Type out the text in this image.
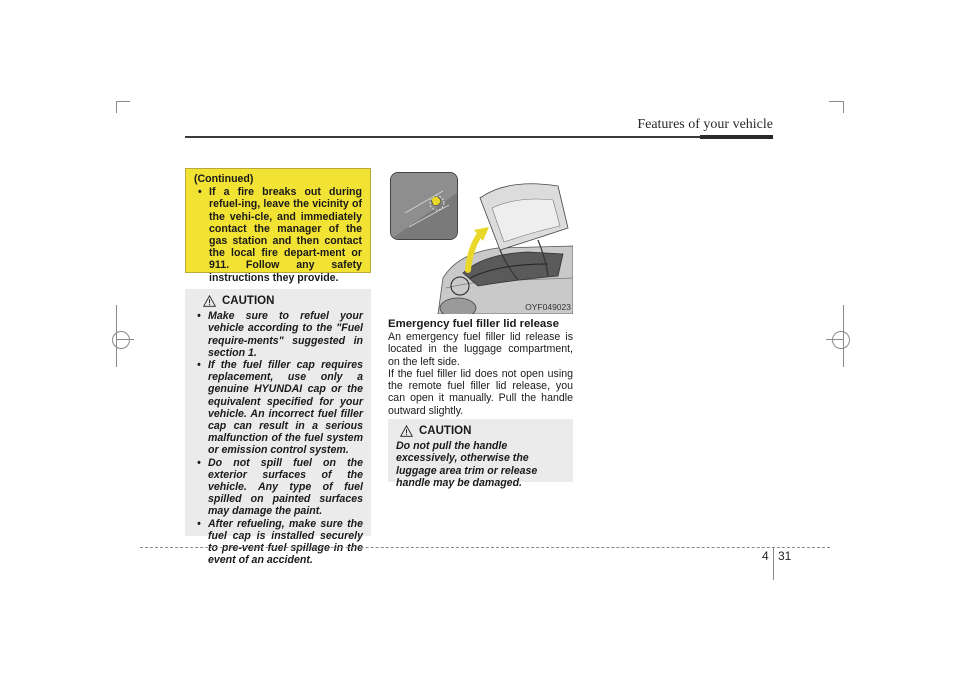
Features of your vehicle
(Continued)
• If a fire breaks out during refuel-ing, leave the vicinity of the vehi-cle, and immediately contact the manager of the gas station and then contact the local fire depart-ment or 911. Follow any safety instructions they provide.
CAUTION
• Make sure to refuel your vehicle according to the "Fuel require-ments" suggested in section 1.
• If the fuel filler cap requires replacement, use only a genuine HYUNDAI cap or the equivalent specified for your vehicle. An incorrect fuel filler cap can result in a serious malfunction of the fuel system or emission control system.
• Do not spill fuel on the exterior surfaces of the vehicle. Any type of fuel spilled on painted surfaces may damage the paint.
• After refueling, make sure the fuel cap is installed securely to pre-vent fuel spillage in the event of an accident.
OYF049023
Emergency fuel filler lid release

An emergency fuel filler lid release is located in the luggage compartment, on the left side.

If the fuel filler lid does not open using the remote fuel filler lid release, you can open it manually. Pull the handle outward slightly.

CAUTION
Do not pull the handle excessively, otherwise the luggage area trim or release handle may be damaged.
4 31
